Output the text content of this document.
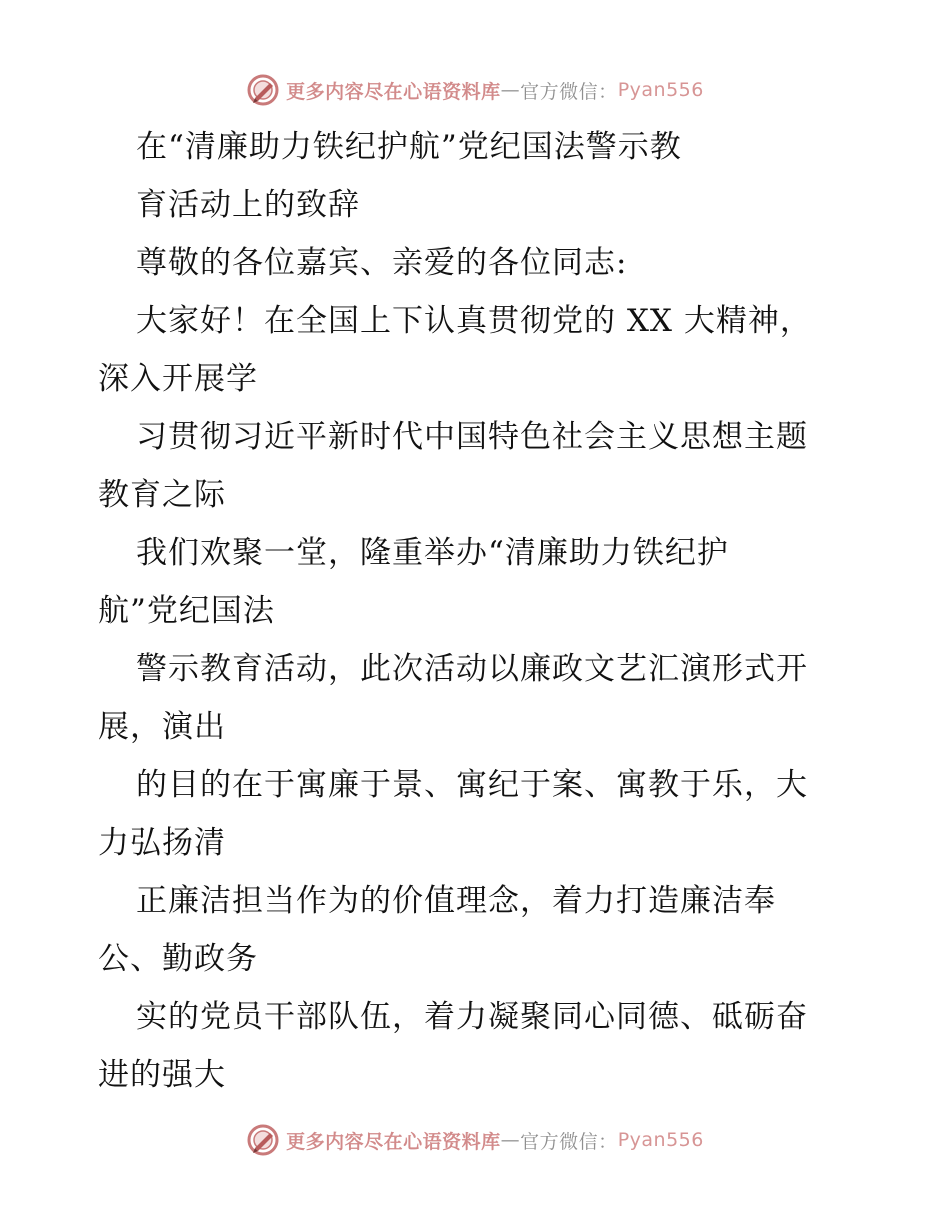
更多内容尽在心语资料库 — 官方微信： Pyan556
在“清廉助力铁纪护航”党纪国法警示教
育活动上的致辞
尊敬的各位嘉宾、亲爱的各位同志:
大家好！在全国上下认真贯彻党的 XX 大精神，
深入开展学
习贯彻习近平新时代中国特色社会主义思想主题
教育之际
我们欢聚一堂，隆重举办“清廉助力铁纪护
航”党纪国法
警示教育活动，此次活动以廉政文艺汇演形式开
展，演出
的目的在于寓廉于景、寓纪于案、寓教于乐，大
力弘扬清
正廉洁担当作为的价值理念，着力打造廉洁奉
公、勤政务
实的党员干部队伍，着力凝聚同心同德、砥砺奋
进的强大
更多内容尽在心语资料库 — 官方微信： Pyan556
